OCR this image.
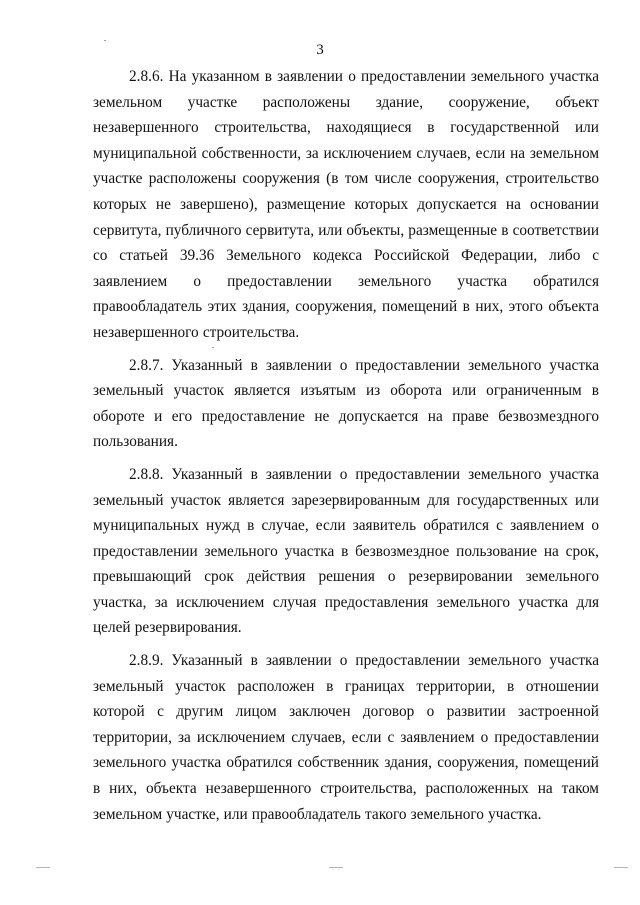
3

2.8.6. На указанном в заявлении о предоставлении земельного участка земельном участке расположены здание, сооружение, объект незавершенного строительства, находящиеся в государственной или муниципальной собственности, за исключением случаев, если на земельном участке расположены сооружения (в том числе сооружения, строительство которых не завершено), размещение которых допускается на основании сервитута, публичного сервитута, или объекты, размещенные в соответствии со статьей 39.36 Земельного кодекса Российской Федерации, либо с заявлением о предоставлении земельного участка обратился правообладатель этих здания, сооружения, помещений в них, этого объекта незавершенного строительства.

2.8.7. Указанный в заявлении о предоставлении земельного участка земельный участок является изъятым из оборота или ограниченным в обороте и его предоставление не допускается на праве безвозмездного пользования.

2.8.8. Указанный в заявлении о предоставлении земельного участка земельный участок является зарезервированным для государственных или муниципальных нужд в случае, если заявитель обратился с заявлением о предоставлении земельного участка в безвозмездное пользование на срок, превышающий срок действия решения о резервировании земельного участка, за исключением случая предоставления земельного участка для целей резервирования.

2.8.9. Указанный в заявлении о предоставлении земельного участка земельный участок расположен в границах территории, в отношении которой с другим лицом заключен договор о развитии застроенной территории, за исключением случаев, если с заявлением о предоставлении земельного участка обратился собственник здания, сооружения, помещений в них, объекта незавершенного строительства, расположенных на таком земельном участке, или правообладатель такого земельного участка.
